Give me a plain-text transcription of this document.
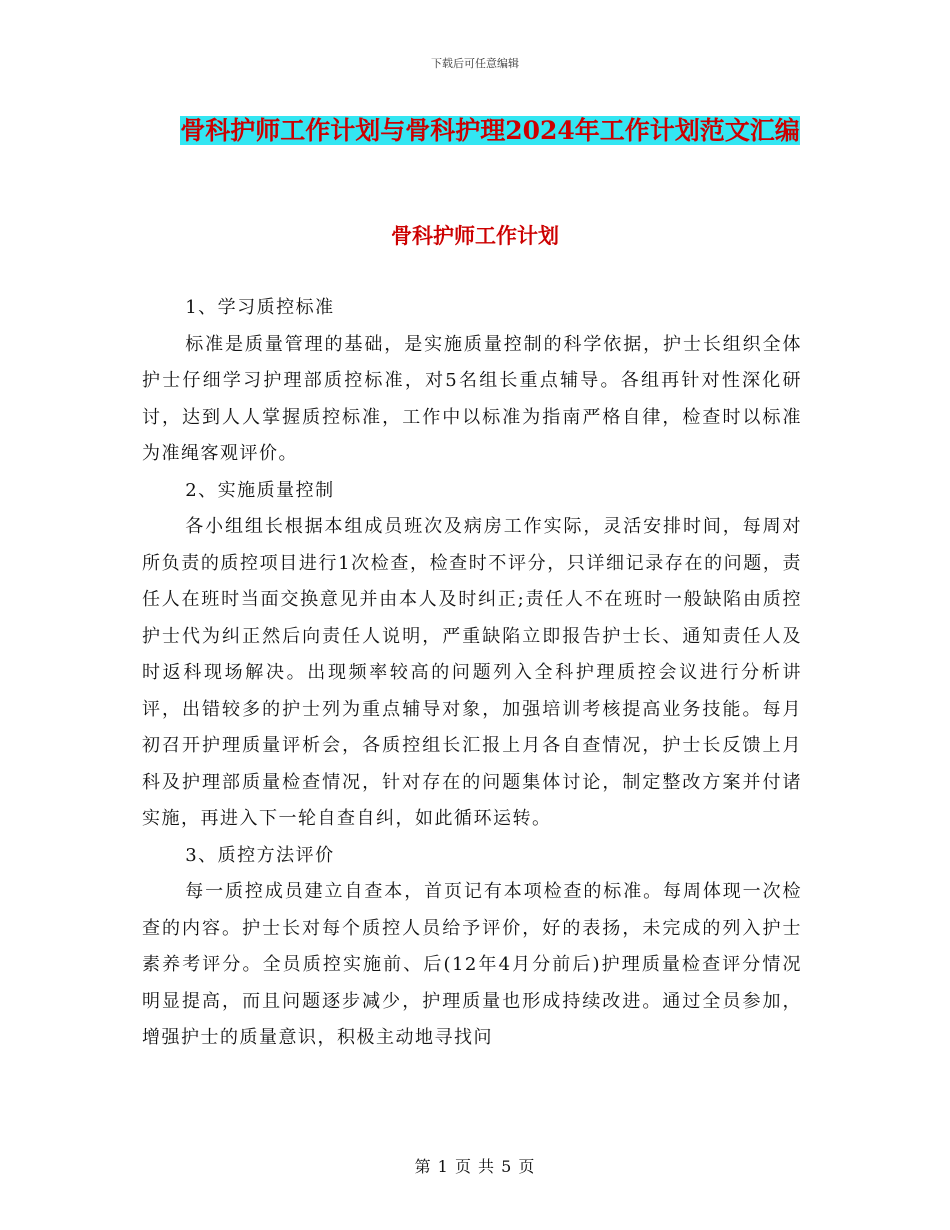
下载后可任意编辑
骨科护师工作计划与骨科护理2024年工作计划范文汇编
骨科护师工作计划

1、学习质控标准

标准是质量管理的基础，是实施质量控制的科学依据，护士长组织全体护士仔细学习护理部质控标准，对5名组长重点辅导。各组再针对性深化研讨，达到人人掌握质控标准，工作中以标准为指南严格自律，检查时以标准为准绳客观评价。

2、实施质量控制

各小组组长根据本组成员班次及病房工作实际，灵活安排时间，每周对所负责的质控项目进行1次检查，检查时不评分，只详细记录存在的问题，责任人在班时当面交换意见并由本人及时纠正;责任人不在班时一般缺陷由质控护士代为纠正然后向责任人说明，严重缺陷立即报告护士长、通知责任人及时返科现场解决。出现频率较高的问题列入全科护理质控会议进行分析讲评，出错较多的护士列为重点辅导对象，加强培训考核提高业务技能。每月初召开护理质量评析会，各质控组长汇报上月各自查情况，护士长反馈上月科及护理部质量检查情况，针对存在的问题集体讨论，制定整改方案并付诸实施，再进入下一轮自查自纠，如此循环运转。

3、质控方法评价

每一质控成员建立自查本，首页记有本项检查的标准。每周体现一次检查的内容。护士长对每个质控人员给予评价，好的表扬，未完成的列入护士素养考评分。全员质控实施前、后(12年4月分前后)护理质量检查评分情况明显提高，而且问题逐步减少，护理质量也形成持续改进。通过全员参加，增强护士的质量意识，积极主动地寻找问

第 1 页 共 5 页
